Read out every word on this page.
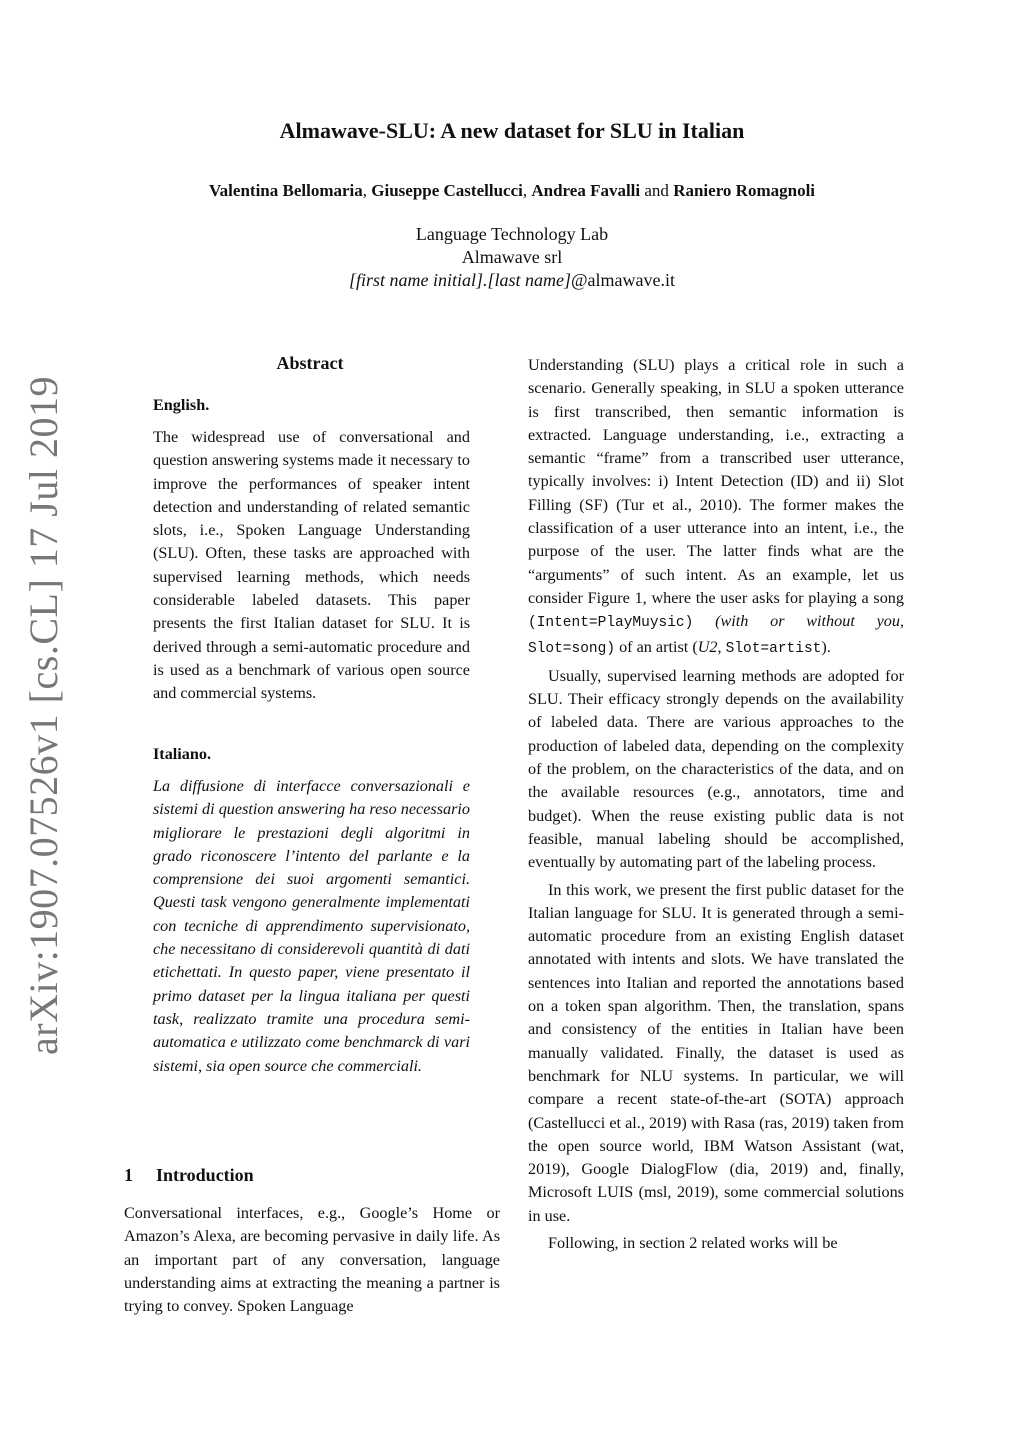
arXiv:1907.07526v1 [cs.CL] 17 Jul 2019
Almawave-SLU: A new dataset for SLU in Italian
Valentina Bellomaria, Giuseppe Castellucci, Andrea Favalli and Raniero Romagnoli
Language Technology Lab
Almawave srl
[first name initial].[last name]@almawave.it
Abstract
English.

The widespread use of conversational and question answering systems made it necessary to improve the performances of speaker intent detection and understanding of related semantic slots, i.e., Spoken Language Understanding (SLU). Often, these tasks are approached with supervised learning methods, which needs considerable labeled datasets. This paper presents the first Italian dataset for SLU. It is derived through a semi-automatic procedure and is used as a benchmark of various open source and commercial systems.

Italiano.

La diffusione di interfacce conversazionali e sistemi di question answering ha reso necessario migliorare le prestazioni degli algoritmi in grado riconoscere l’intento del parlante e la comprensione dei suoi argomenti semantici. Questi task vengono generalmente implementati con tecniche di apprendimento supervisionato, che necessitano di considerevoli quantità di dati etichettati. In questo paper, viene presentato il primo dataset per la lingua italiana per questi task, realizzato tramite una procedura semi-automatica e utilizzato come benchmarck di vari sistemi, sia open source che commerciali.

1 Introduction

Conversational interfaces, e.g., Google’s Home or Amazon’s Alexa, are becoming pervasive in daily life. As an important part of any conversation, language understanding aims at extracting the meaning a partner is trying to convey. Spoken Language

Understanding (SLU) plays a critical role in such a scenario. Generally speaking, in SLU a spoken utterance is first transcribed, then semantic information is extracted. Language understanding, i.e., extracting a semantic “frame” from a transcribed user utterance, typically involves: i) Intent Detection (ID) and ii) Slot Filling (SF) (Tur et al., 2010). The former makes the classification of a user utterance into an intent, i.e., the purpose of the user. The latter finds what are the “arguments” of such intent. As an example, let us consider Figure 1, where the user asks for playing a song (Intent=PlayMuysic) (with or without you, Slot=song) of an artist (U2, Slot=artist).

Usually, supervised learning methods are adopted for SLU. Their efficacy strongly depends on the availability of labeled data. There are various approaches to the production of labeled data, depending on the complexity of the problem, on the characteristics of the data, and on the available resources (e.g., annotators, time and budget). When the reuse existing public data is not feasible, manual labeling should be accomplished, eventually by automating part of the labeling process.

In this work, we present the first public dataset for the Italian language for SLU. It is generated through a semi-automatic procedure from an existing English dataset annotated with intents and slots. We have translated the sentences into Italian and reported the annotations based on a token span algorithm. Then, the translation, spans and consistency of the entities in Italian have been manually validated. Finally, the dataset is used as benchmark for NLU systems. In particular, we will compare a recent state-of-the-art (SOTA) approach (Castellucci et al., 2019) with Rasa (ras, 2019) taken from the open source world, IBM Watson Assistant (wat, 2019), Google DialogFlow (dia, 2019) and, finally, Microsoft LUIS (msl, 2019), some commercial solutions in use.

Following, in section 2 related works will be
